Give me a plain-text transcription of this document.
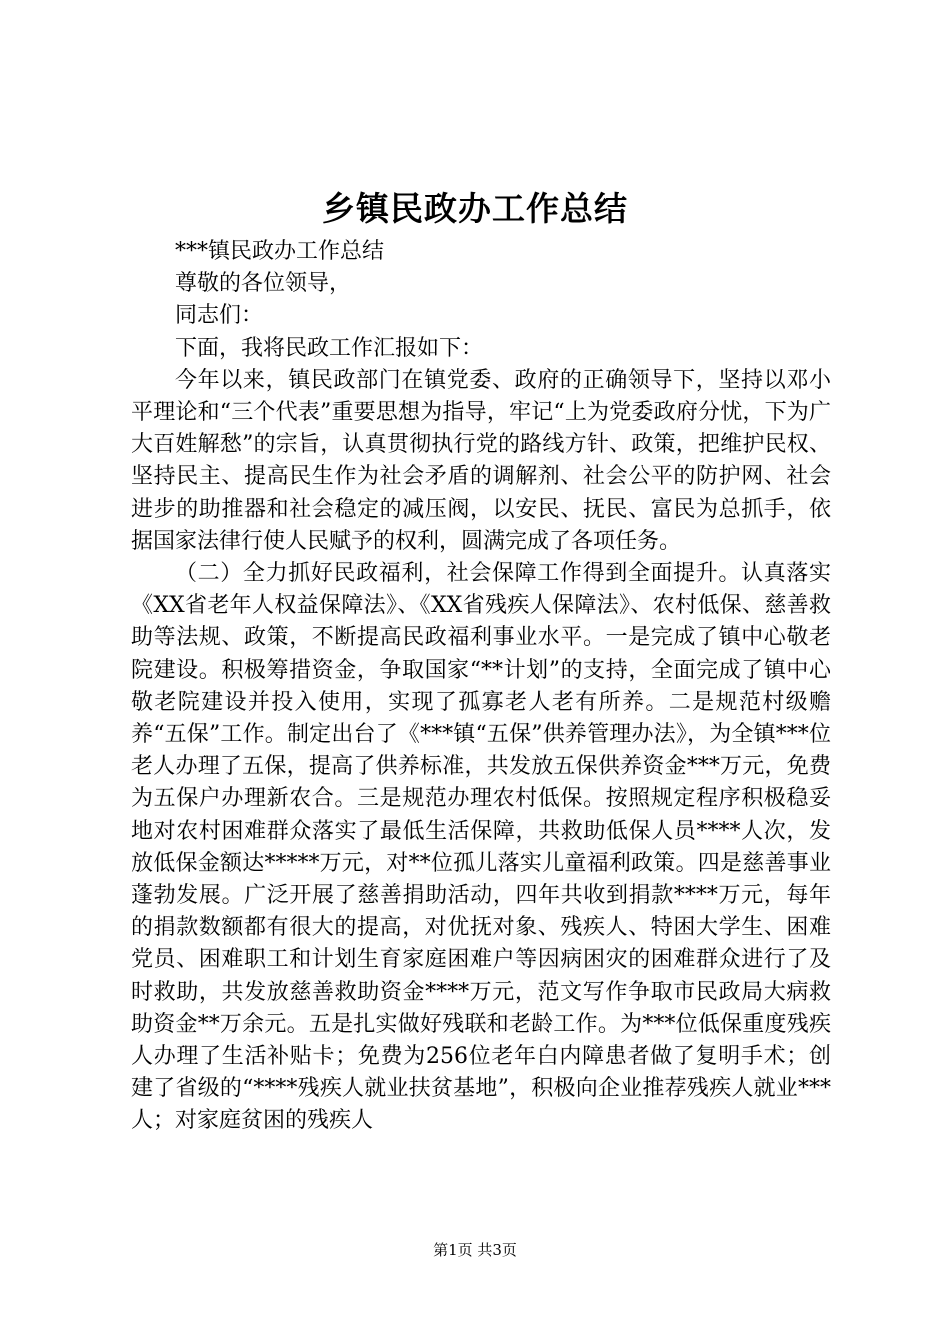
乡镇民政办工作总结

***镇民政办工作总结

尊敬的各位领导，

同志们：

下面，我将民政工作汇报如下：

今年以来，镇民政部门在镇党委、政府的正确领导下，坚持以邓小平理论和“三个代表”重要思想为指导，牢记“上为党委政府分忧，下为广大百姓解愁”的宗旨，认真贯彻执行党的路线方针、政策，把维护民权、坚持民主、提高民生作为社会矛盾的调解剂、社会公平的防护网、社会进步的助推器和社会稳定的减压阀，以安民、抚民、富民为总抓手，依据国家法律行使人民赋予的权利，圆满完成了各项任务。

（二）全力抓好民政福利，社会保障工作得到全面提升。认真落实《XX省老年人权益保障法》、《XX省残疾人保障法》、农村低保、慈善救助等法规、政策，不断提高民政福利事业水平。一是完成了镇中心敬老院建设。积极筹措资金，争取国家“**计划”的支持，全面完成了镇中心敬老院建设并投入使用，实现了孤寡老人老有所养。二是规范村级赡养“五保”工作。制定出台了《***镇“五保”供养管理办法》，为全镇***位老人办理了五保，提高了供养标准，共发放五保供养资金***万元，免费为五保户办理新农合。三是规范办理农村低保。按照规定程序积极稳妥地对农村困难群众落实了最低生活保障，共救助低保人员****人次，发放低保金额达*****万元，对**位孤儿落实儿童福利政策。四是慈善事业蓬勃发展。广泛开展了慈善捐助活动，四年共收到捐款****万元，每年的捐款数额都有很大的提高，对优抚对象、残疾人、特困大学生、困难党员、困难职工和计划生育家庭困难户等因病困灾的困难群众进行了及时救助，共发放慈善救助资金****万元，范文写作争取市民政局大病救助资金**万余元。五是扎实做好残联和老龄工作。为***位低保重度残疾人办理了生活补贴卡；免费为256位老年白内障患者做了复明手术；创建了省级的“****残疾人就业扶贫基地”，积极向企业推荐残疾人就业***人；对家庭贫困的残疾人

第1页 共3页
